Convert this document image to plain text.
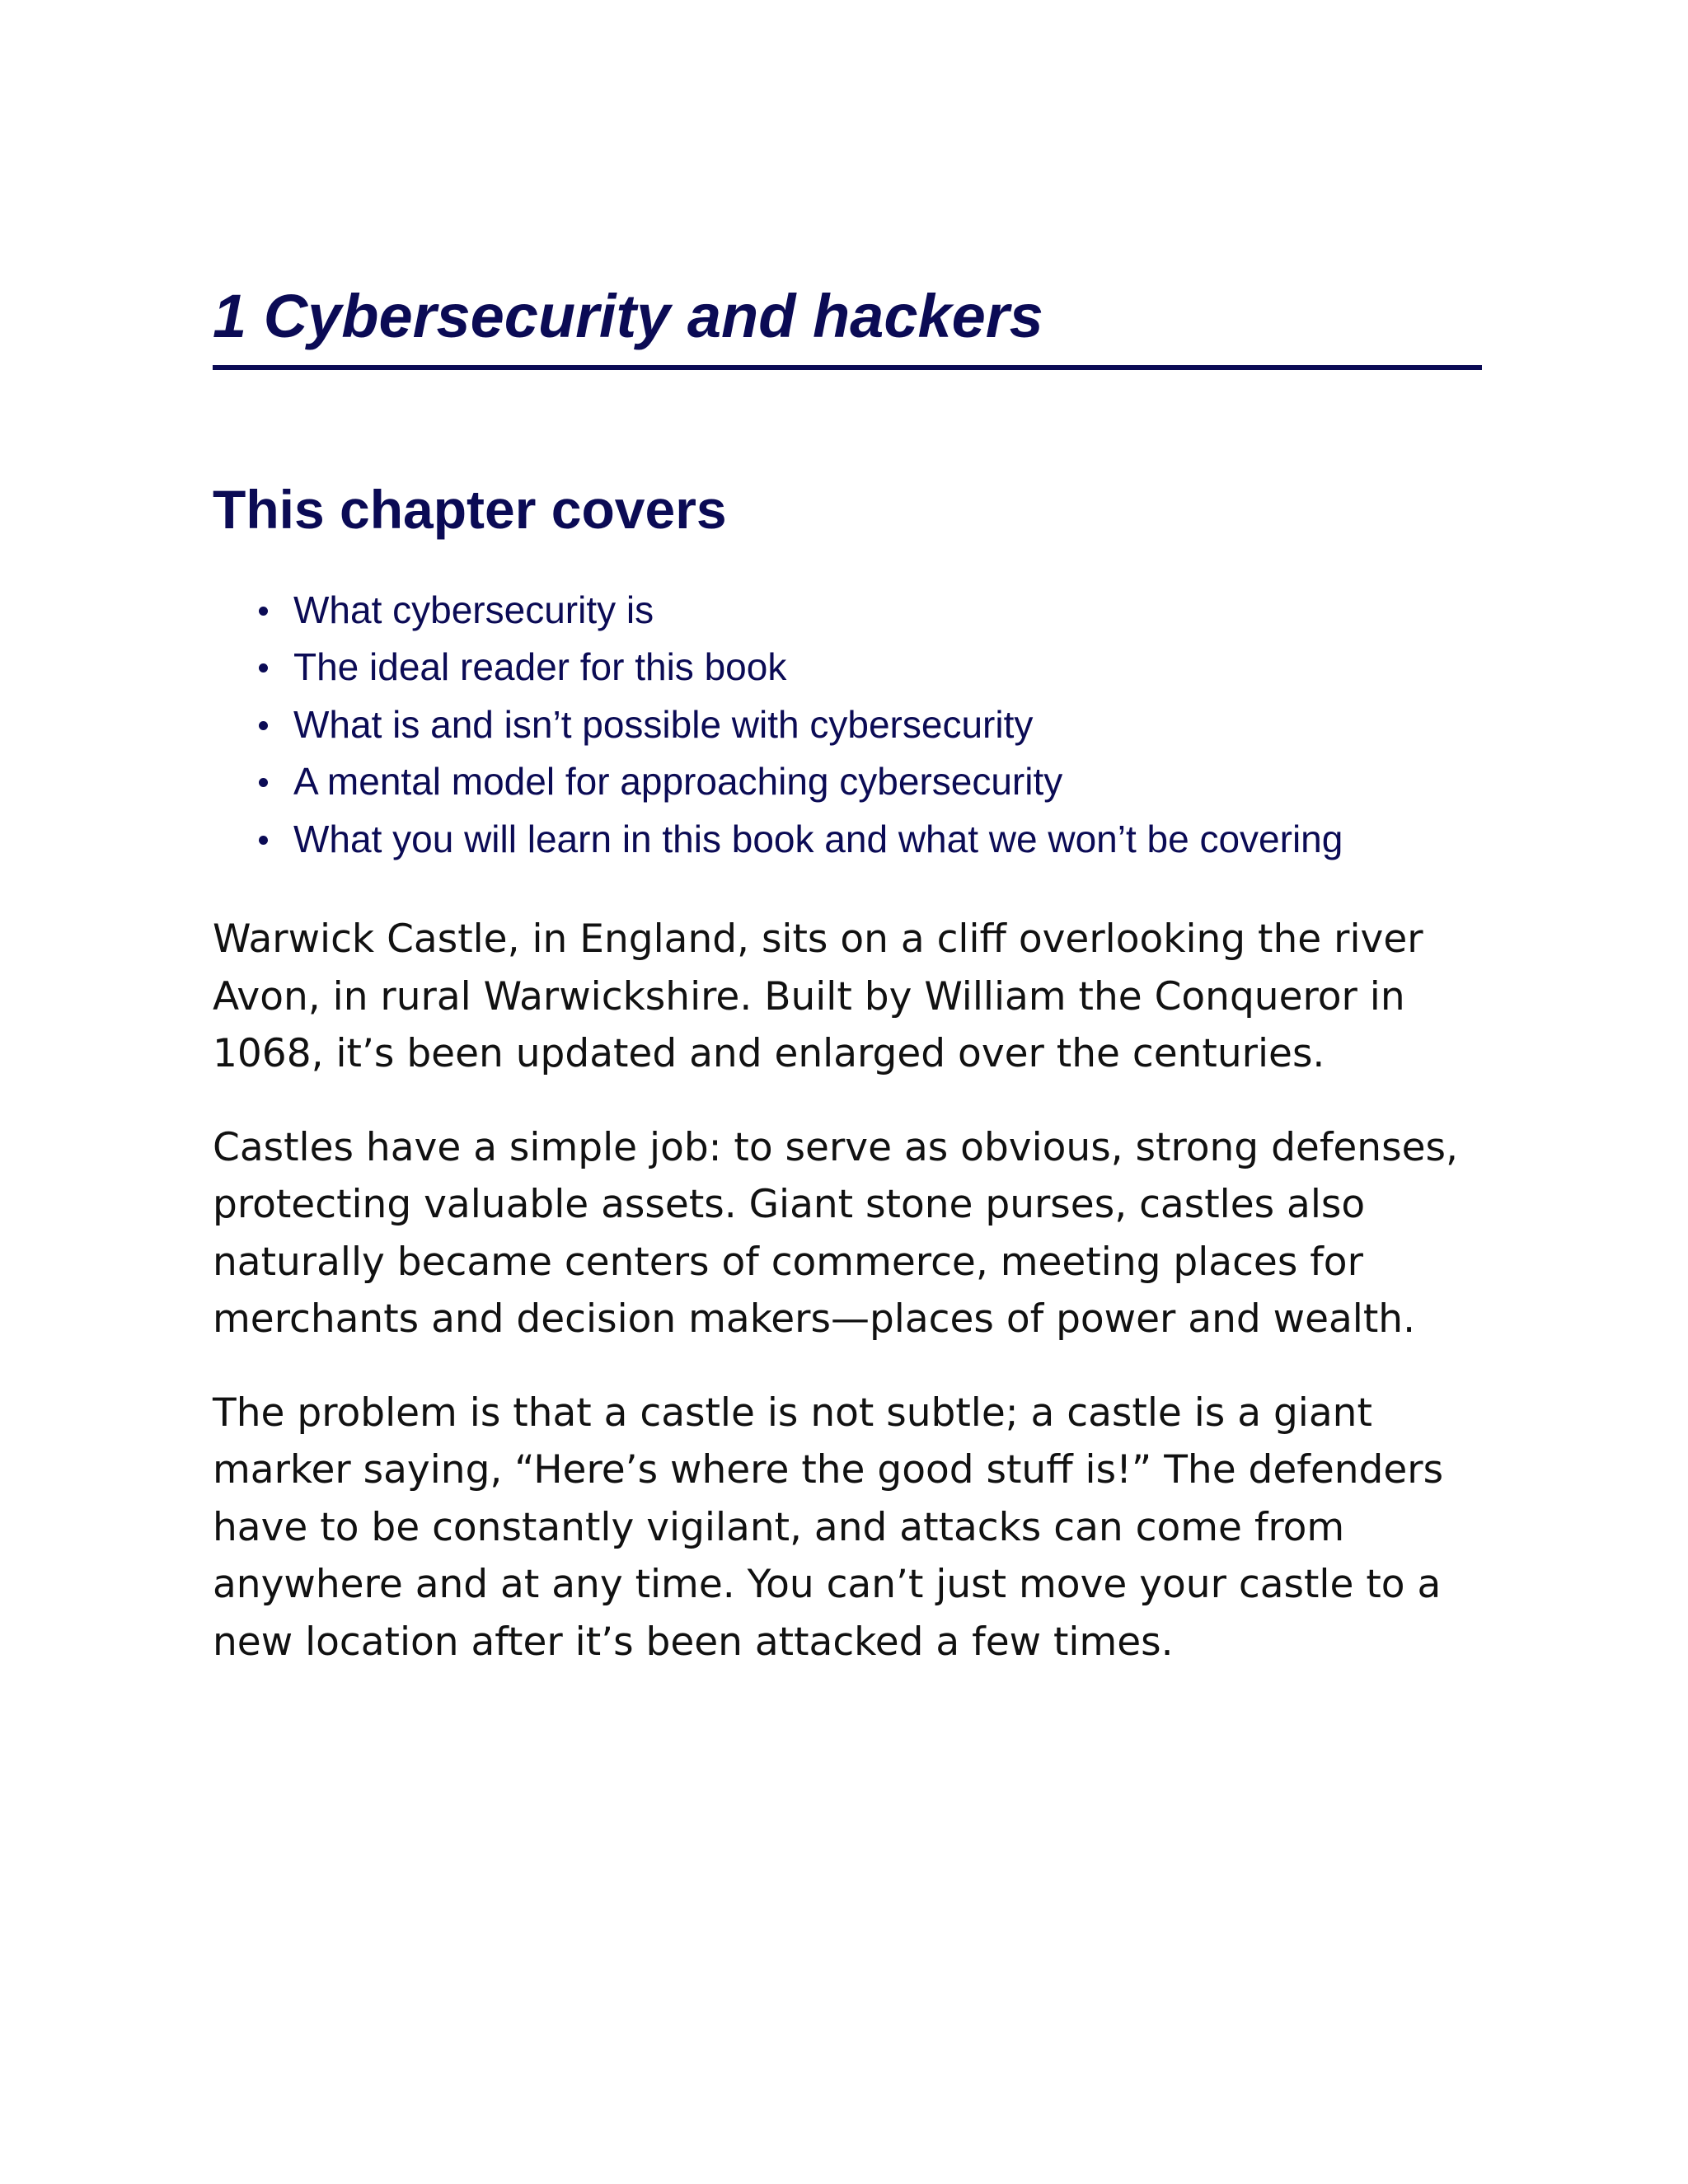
1 Cybersecurity and hackers
This chapter covers
What cybersecurity is
The ideal reader for this book
What is and isn’t possible with cybersecurity
A mental model for approaching cybersecurity
What you will learn in this book and what we won’t be covering

Warwick Castle, in England, sits on a cliff overlooking the river Avon, in rural Warwickshire. Built by William the Conqueror in 1068, it’s been updated and enlarged over the centuries.

Castles have a simple job: to serve as obvious, strong defenses, protecting valuable assets. Giant stone purses, castles also naturally became centers of commerce, meeting places for merchants and decision makers—places of power and wealth.

The problem is that a castle is not subtle; a castle is a giant marker saying, “Here’s where the good stuff is!” The defenders have to be constantly vigilant, and attacks can come from anywhere and at any time. You can’t just move your castle to a new location after it’s been attacked a few times.
